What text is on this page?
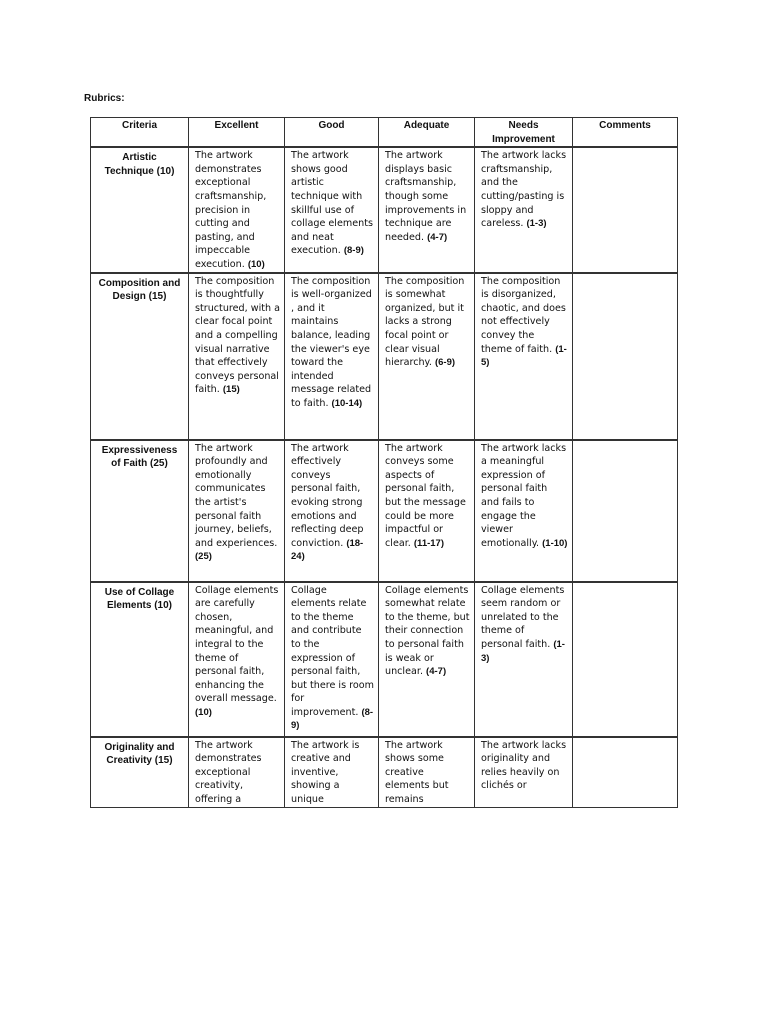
Rubrics:
Criteria	Excellent	Good	Adequate	Needs Improvement	Comments
Artistic Technique (10)	The artwork demonstrates exceptional craftsmanship, precision in cutting and pasting, and impeccable execution. (10)	The artwork shows good artistic technique with skillful use of collage elements and neat execution. (8-9)	The artwork displays basic craftsmanship, though some improvements in technique are needed. (4-7)	The artwork lacks craftsmanship, and the cutting/pasting is sloppy and careless. (1-3)	
Composition and Design (15)	The composition is thoughtfully structured, with a clear focal point and a compelling visual narrative that effectively conveys personal faith. (15)	The composition is well-organized , and it maintains balance, leading the viewer's eye toward the intended message related to faith. (10-14)	The composition is somewhat organized, but it lacks a strong focal point or clear visual hierarchy. (6-9)	The composition is disorganized, chaotic, and does not effectively convey the theme of faith. (1-5)	
Expressiveness of Faith (25)	The artwork profoundly and emotionally communicates the artist's personal faith journey, beliefs, and experiences. (25)	The artwork effectively conveys personal faith, evoking strong emotions and reflecting deep conviction. (18-24)	The artwork conveys some aspects of personal faith, but the message could be more impactful or clear. (11-17)	The artwork lacks a meaningful expression of personal faith and fails to engage the viewer emotionally. (1-10)	
Use of Collage Elements (10)	Collage elements are carefully chosen, meaningful, and integral to the theme of personal faith, enhancing the overall message. (10)	Collage elements relate to the theme and contribute to the expression of personal faith, but there is room for improvement. (8-9)	Collage elements somewhat relate to the theme, but their connection to personal faith is weak or unclear. (4-7)	Collage elements seem random or unrelated to the theme of personal faith. (1-3)	
Originality and Creativity (15)	The artwork demonstrates exceptional creativity, offering a	The artwork is creative and inventive, showing a unique	The artwork shows some creative elements but remains	The artwork lacks originality and relies heavily on clichés or	
